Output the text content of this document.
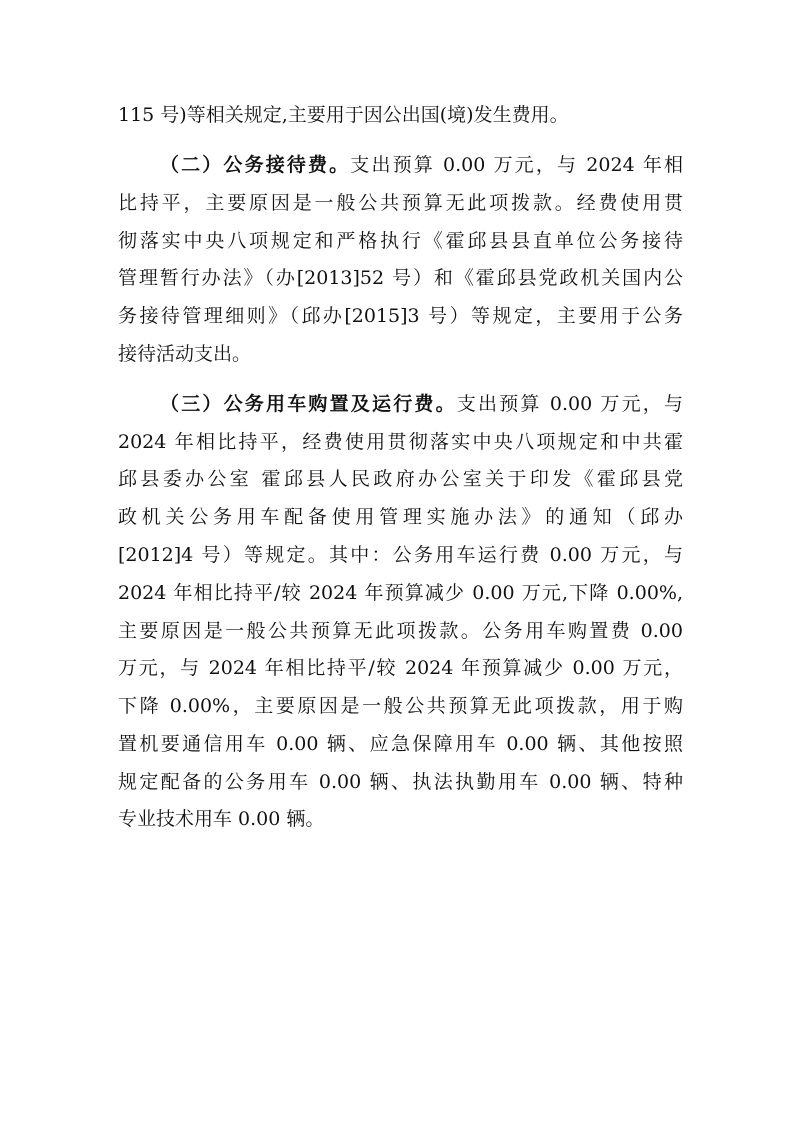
115 号)等相关规定,主要用于因公出国(境)发生费用。
（二）公务接待费。支出预算 0.00 万元，与 2024 年相
比持平，主要原因是一般公共预算无此项拨款。经费使用贯
彻落实中央八项规定和严格执行《霍邱县县直单位公务接待
管理暂行办法》（办[2013]52 号）和《霍邱县党政机关国内公
务接待管理细则》（邱办[2015]3 号）等规定，主要用于公务
接待活动支出。
（三）公务用车购置及运行费。支出预算 0.00 万元，与
2024 年相比持平，经费使用贯彻落实中央八项规定和中共霍
邱县委办公室 霍邱县人民政府办公室关于印发《霍邱县党
政机关公务用车配备使用管理实施办法》的通知（邱办
[2012]4 号）等规定。其中：公务用车运行费 0.00 万元，与
2024 年相比持平/较 2024 年预算减少 0.00 万元,下降 0.00%,
主要原因是一般公共预算无此项拨款。公务用车购置费 0.00
万元，与 2024 年相比持平/较 2024 年预算减少 0.00 万元，
下降 0.00%，主要原因是一般公共预算无此项拨款，用于购
置机要通信用车 0.00 辆、应急保障用车 0.00 辆、其他按照
规定配备的公务用车 0.00 辆、执法执勤用车 0.00 辆、特种
专业技术用车 0.00 辆。
